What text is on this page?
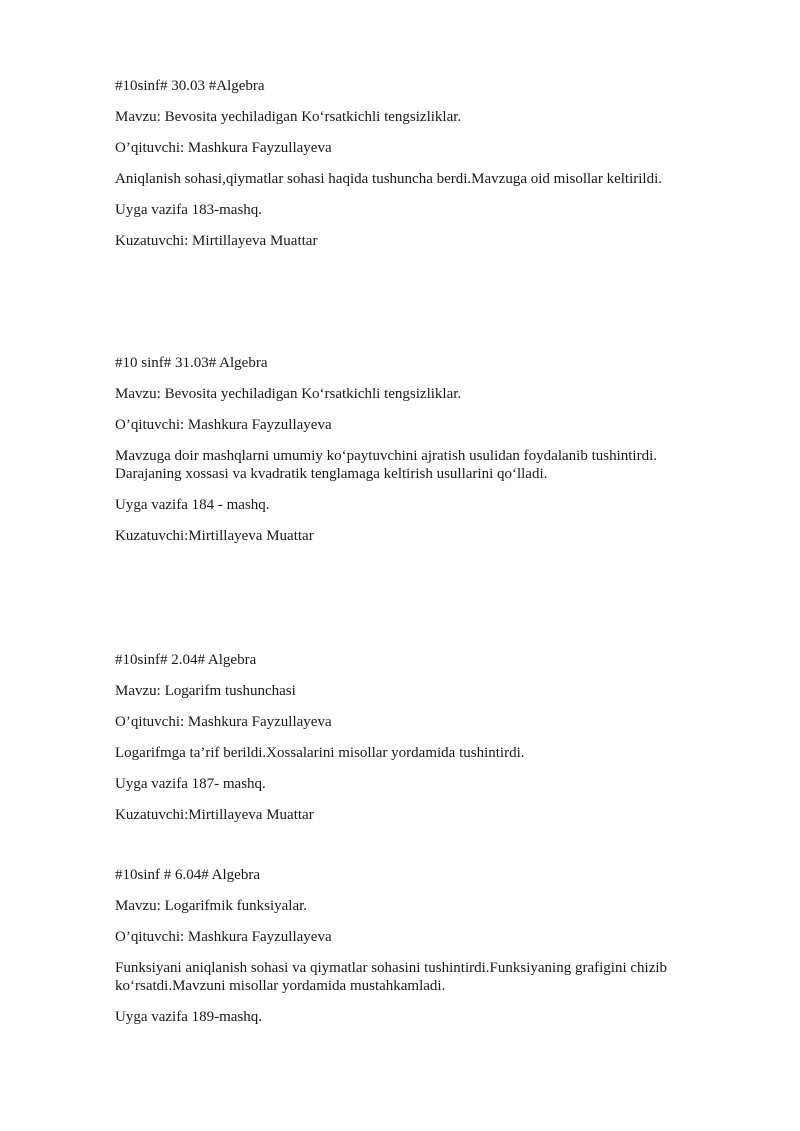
#10sinf# 30.03 #Algebra

Mavzu: Bevosita yechiladigan Ko‘rsatkichli tengsizliklar.

O’qituvchi: Mashkura Fayzullayeva

Aniqlanish sohasi,qiymatlar sohasi haqida tushuncha berdi.Mavzuga oid misollar keltirildi.

Uyga vazifa 183-mashq.

Kuzatuvchi: Mirtillayeva Muattar

#10 sinf# 31.03# Algebra

Mavzu: Bevosita yechiladigan Ko‘rsatkichli tengsizliklar.

O’qituvchi: Mashkura Fayzullayeva

Mavzuga doir mashqlarni umumiy ko‘paytuvchini ajratish usulidan foydalanib tushintirdi. Darajaning xossasi va kvadratik tenglamaga keltirish usullarini qo‘lladi.

Uyga vazifa 184 - mashq.

Kuzatuvchi:Mirtillayeva Muattar

#10sinf# 2.04# Algebra

Mavzu: Logarifm tushunchasi

O’qituvchi: Mashkura Fayzullayeva

Logarifmga ta’rif berildi.Xossalarini misollar yordamida tushintirdi.

Uyga vazifa 187- mashq.

Kuzatuvchi:Mirtillayeva Muattar

#10sinf # 6.04# Algebra

Mavzu: Logarifmik funksiyalar.

O’qituvchi: Mashkura Fayzullayeva

Funksiyani aniqlanish sohasi va qiymatlar sohasini tushintirdi.Funksiyaning grafigini chizib ko‘rsatdi.Mavzuni misollar yordamida mustahkamladi.

Uyga vazifa 189-mashq.
